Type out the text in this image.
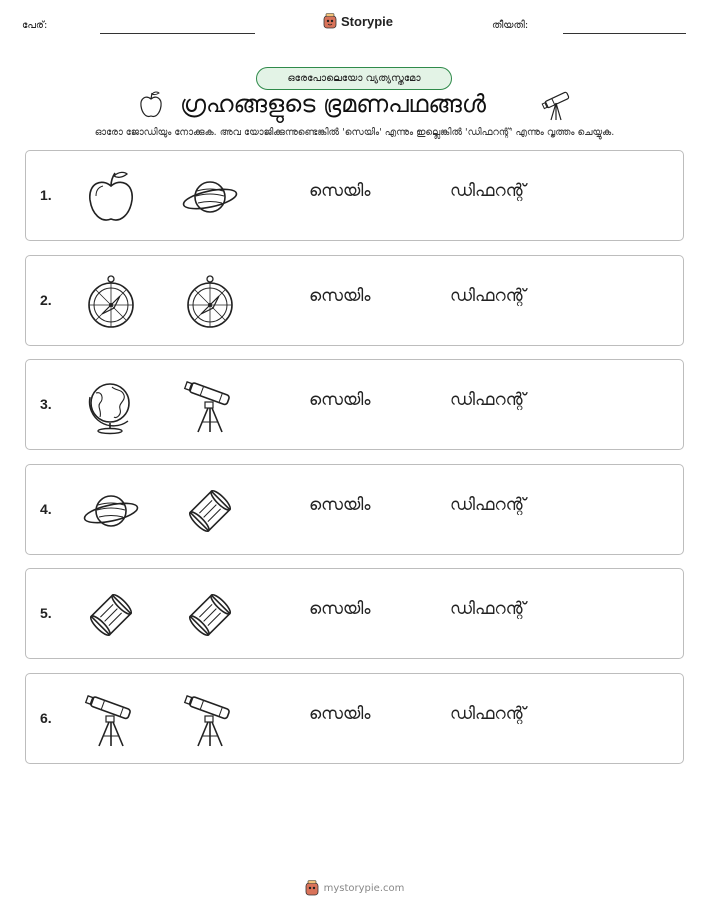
പേര്:	Storypie	തീയതി:
ഒരേപോലെയോ വ്യത്യസ്തമോ
ഗ്രഹങ്ങളുടെ ഭ്രമണപഥങ്ങൾ
ഓരോ ജോഡിയും നോക്കുക. അവ യോജിക്കുന്നുണ്ടെങ്കിൽ 'സെയിം' എന്നും ഇല്ലെങ്കിൽ 'ഡിഫറന്റ്' എന്നും വൃത്തം ചെയ്യുക.
1.	സെയിം	ഡിഫറന്റ്
2.	സെയിം	ഡിഫറന്റ്
3.	സെയിം	ഡിഫറന്റ്
4.	സെയിം	ഡിഫറന്റ്
5.	സെയിം	ഡിഫറന്റ്
6.	സെയിം	ഡിഫറന്റ്
mystorypie.com
